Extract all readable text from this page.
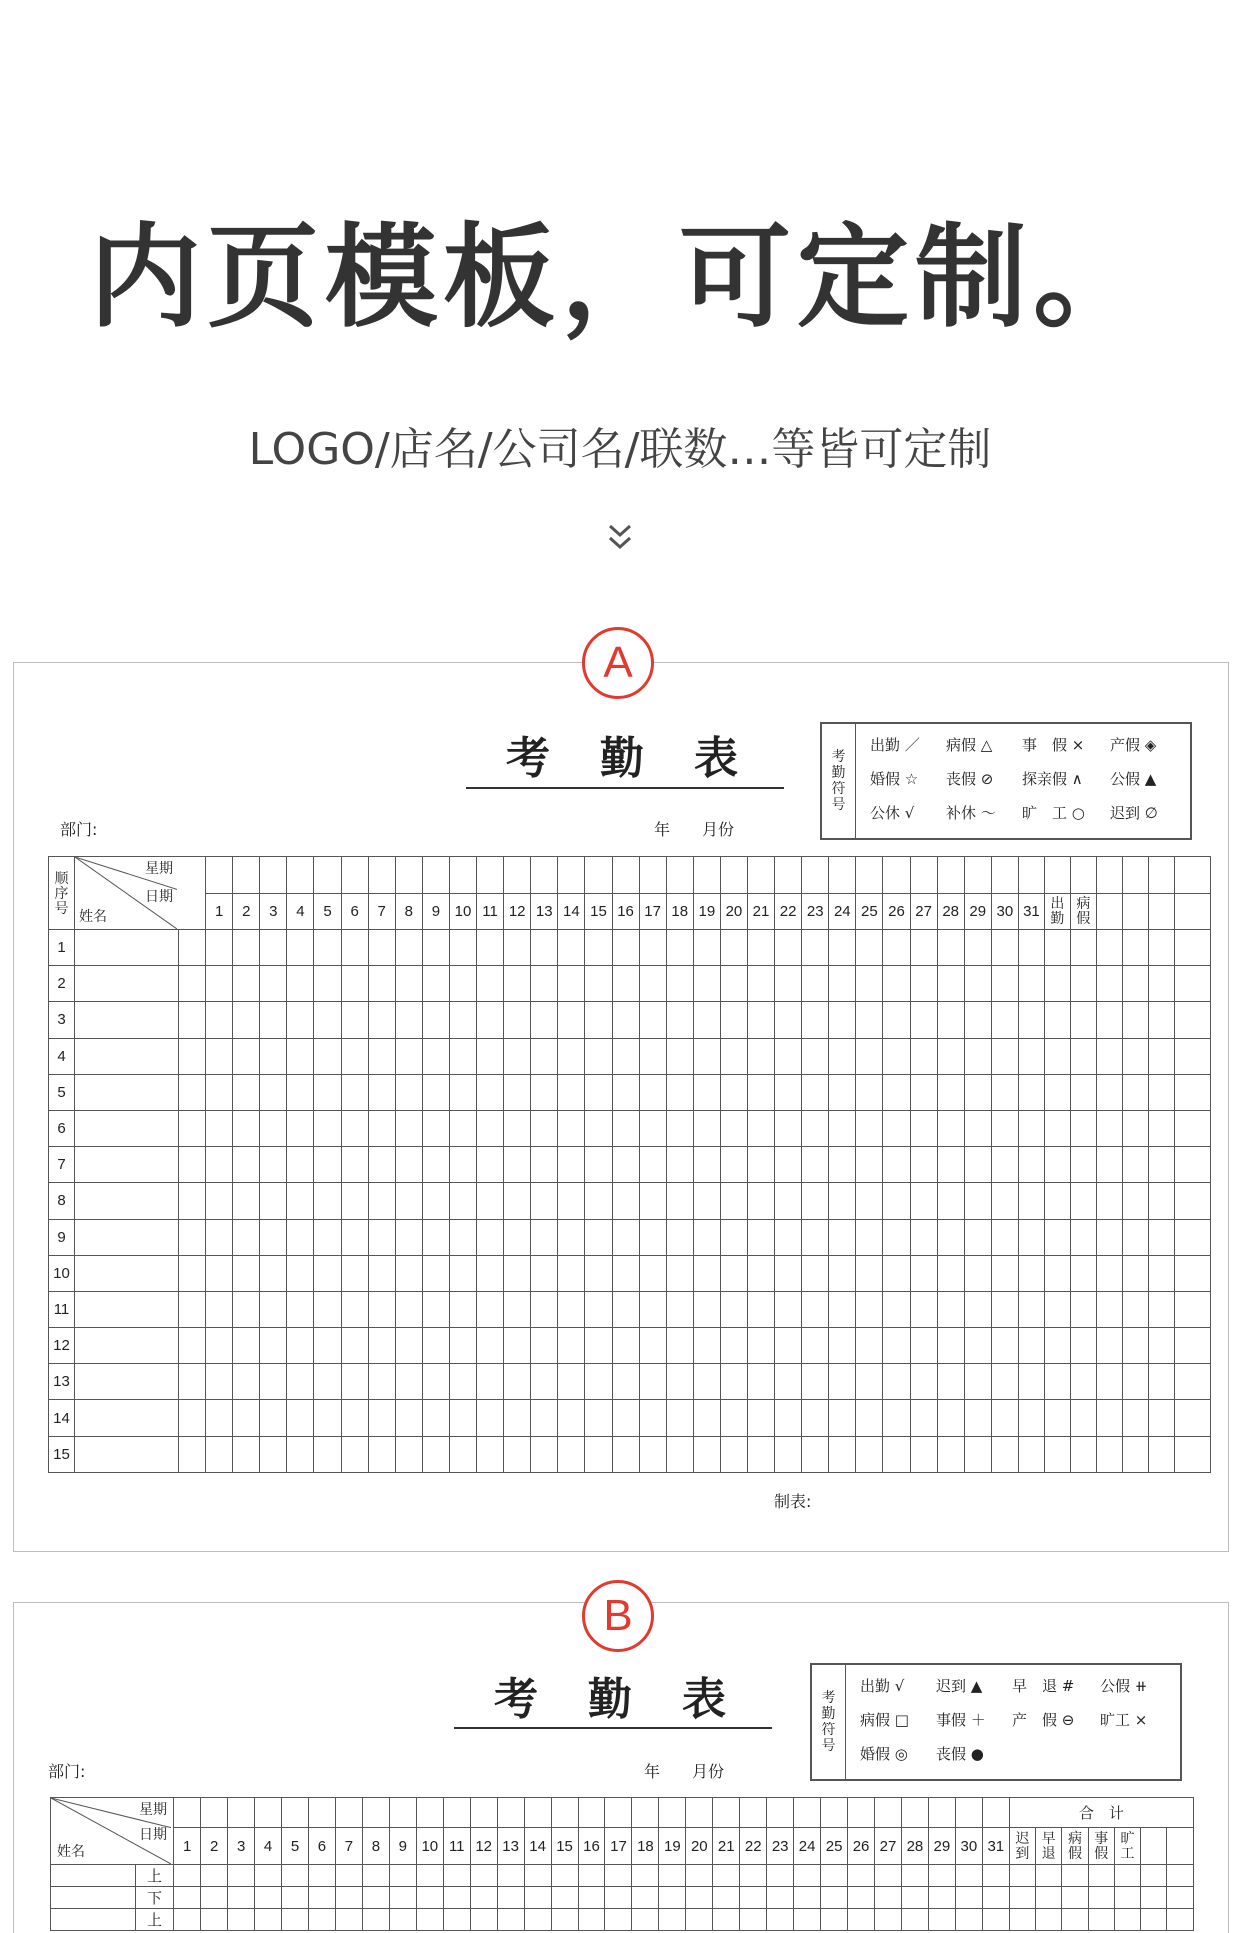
内页模板，可定制。
LOGO/店名/公司名/联数…等皆可定制
A
考勤表
部门:	年　　月份
制表:
考勤符号
出勤 ／ 病假 △ 事　假 × 产假 ◈
婚假 ☆ 丧假 ⊘ 探亲假 ∧ 公假 ▲
公休 √ 补休 ～ 旷　工 ○ 迟到 ∅
顺序号	星期
日期
姓名

			1	2	3	4	5	6	7	8	9	10	11	12	13	14	15	16	17	18	19	20	21	22	23	24	25	26	27	28	29	30	31	出勤	病假					

1																																								
2																																								
3																																								
4																																								
5																																								
6																																								
7																																								
8																																								
9																																								
10																																								
11																																								
12																																								
13																																								
14																																								
15																																								
B
考勤表
部门:	年　　月份
考勤符号
出勤 √ 迟到 ▲ 早　退 # 公假 ⧺
病假 □ 事假 ＋ 产　假 ⊖ 旷工 ×
婚假 ◎ 丧假 ●
星期
日期
姓名																																	合　计						
		1	2	3	4	5	6	7	8	9	10	11	12	13	14	15	16	17	18	19	20	21	22	23	24	25	26	27	28	29	30	31	迟到	早退	病假	事假	旷工		

	上																																						
	下																																						
	上																																						
